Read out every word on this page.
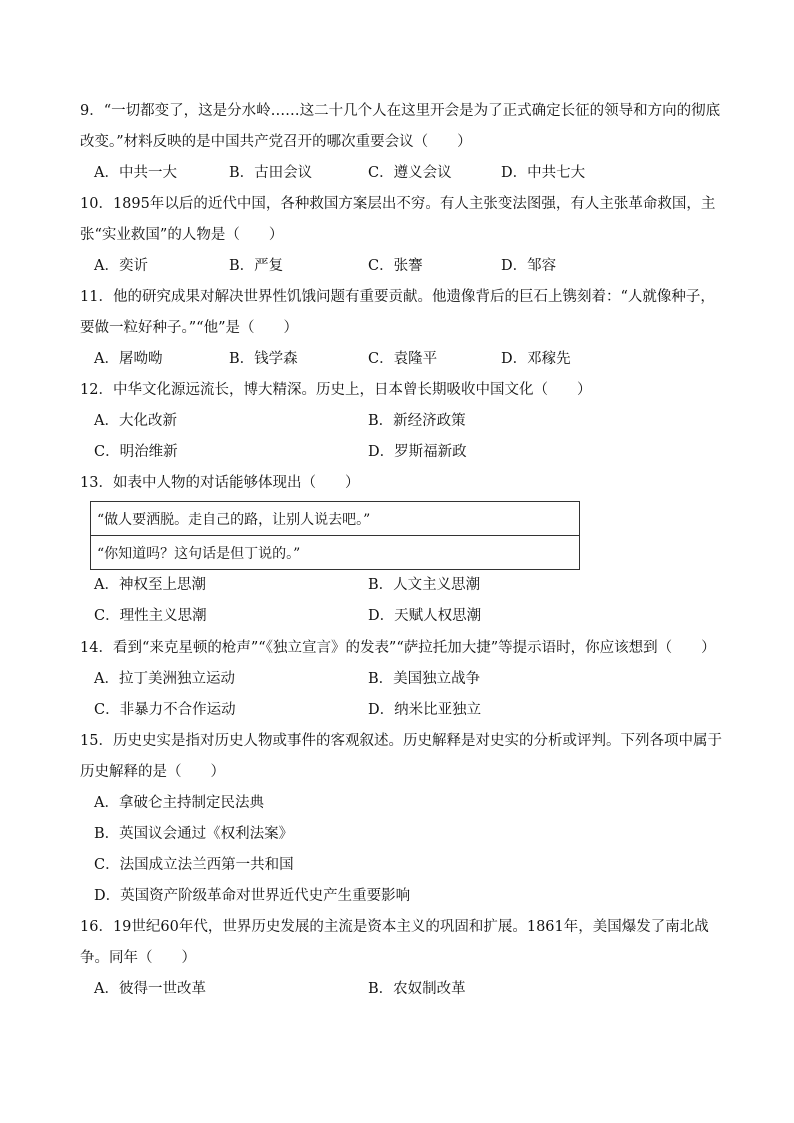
9．“一切都变了，这是分水岭……这二十几个人在这里开会是为了正式确定长征的领导和方向的彻底改变。”材料反映的是中国共产党召开的哪次重要会议（　　）

A．中共一大	B．古田会议	C．遵义会议	D．中共七大

10．1895年以后的近代中国，各种救国方案层出不穷。有人主张变法图强，有人主张革命救国，主张“实业救国”的人物是（　　）

A．奕䜣	B．严复	C．张謇	D．邹容

11．他的研究成果对解决世界性饥饿问题有重要贡献。他遗像背后的巨石上镌刻着：“人就像种子，要做一粒好种子。”“他”是（　　）

A．屠呦呦	B．钱学森	C．袁隆平	D．邓稼先

12．中华文化源远流长，博大精深。历史上，日本曾长期吸收中国文化（　　）

A．大化改新	B．新经济政策
C．明治维新	D．罗斯福新政

13．如表中人物的对话能够体现出（　　）

“做人要洒脱。走自己的路，让别人说去吧。”
“你知道吗？这句话是但丁说的。”
A．神权至上思潮	B．人文主义思潮
C．理性主义思潮	D．天赋人权思潮

14．看到“来克星顿的枪声”“《独立宣言》的发表”“萨拉托加大捷”等提示语时，你应该想到（　　）

A．拉丁美洲独立运动	B．美国独立战争
C．非暴力不合作运动	D．纳米比亚独立

15．历史史实是指对历史人物或事件的客观叙述。历史解释是对史实的分析或评判。下列各项中属于历史解释的是（　　）

A．拿破仑主持制定民法典
B．英国议会通过《权利法案》
C．法国成立法兰西第一共和国
D．英国资产阶级革命对世界近代史产生重要影响

16．19世纪60年代，世界历史发展的主流是资本主义的巩固和扩展。1861年，美国爆发了南北战争。同年（　　）

A．彼得一世改革	B．农奴制改革
